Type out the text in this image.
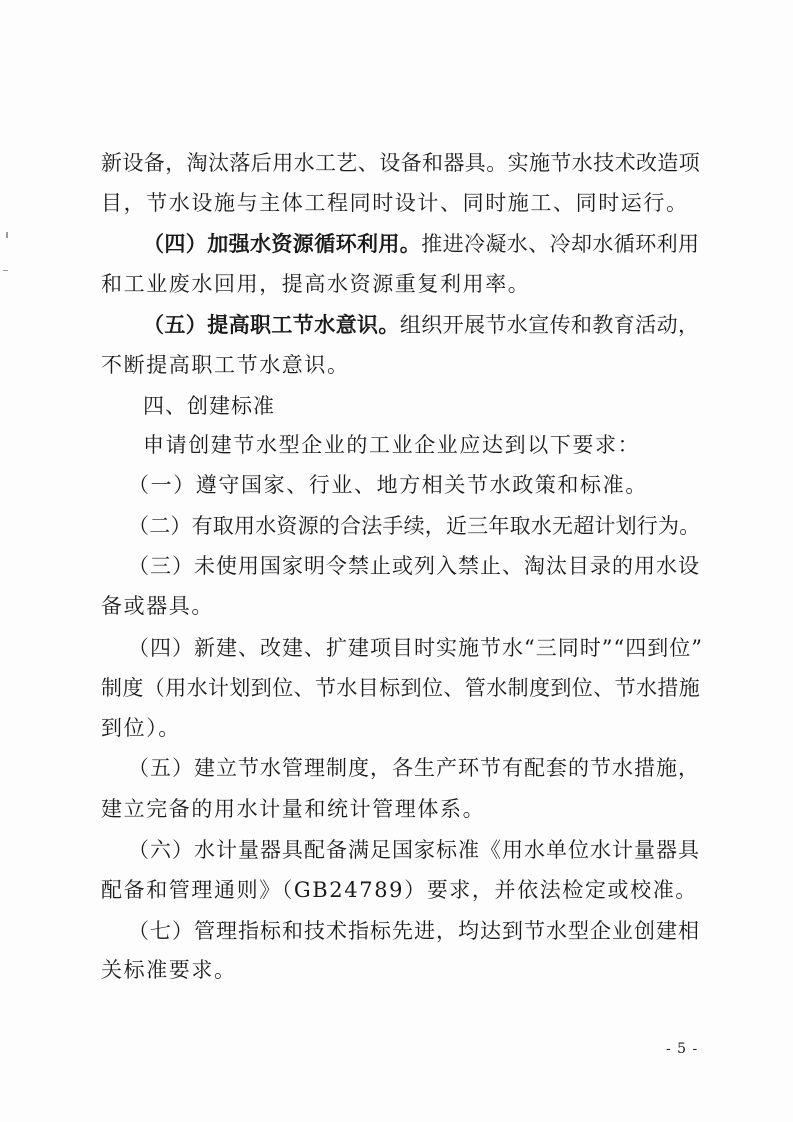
新设备，淘汰落后用水工艺、设备和器具。实施节水技术改造项
目，节水设施与主体工程同时设计、同时施工、同时运行。
（四）加强水资源循环利用。推进冷凝水、冷却水循环利用
和工业废水回用，提高水资源重复利用率。
（五）提高职工节水意识。组织开展节水宣传和教育活动，
不断提高职工节水意识。
四、创建标准
申请创建节水型企业的工业企业应达到以下要求：
（一）遵守国家、行业、地方相关节水政策和标准。
（二）有取用水资源的合法手续，近三年取水无超计划行为。
（三）未使用国家明令禁止或列入禁止、淘汰目录的用水设
备或器具。
（四）新建、改建、扩建项目时实施节水“三同时”“四到位”
制度（用水计划到位、节水目标到位、管水制度到位、节水措施
到位）。
（五）建立节水管理制度，各生产环节有配套的节水措施，
建立完备的用水计量和统计管理体系。
（六）水计量器具配备满足国家标准《用水单位水计量器具
配备和管理通则》（GB24789）要求，并依法检定或校准。
（七）管理指标和技术指标先进，均达到节水型企业创建相
关标准要求。
- 5 -
